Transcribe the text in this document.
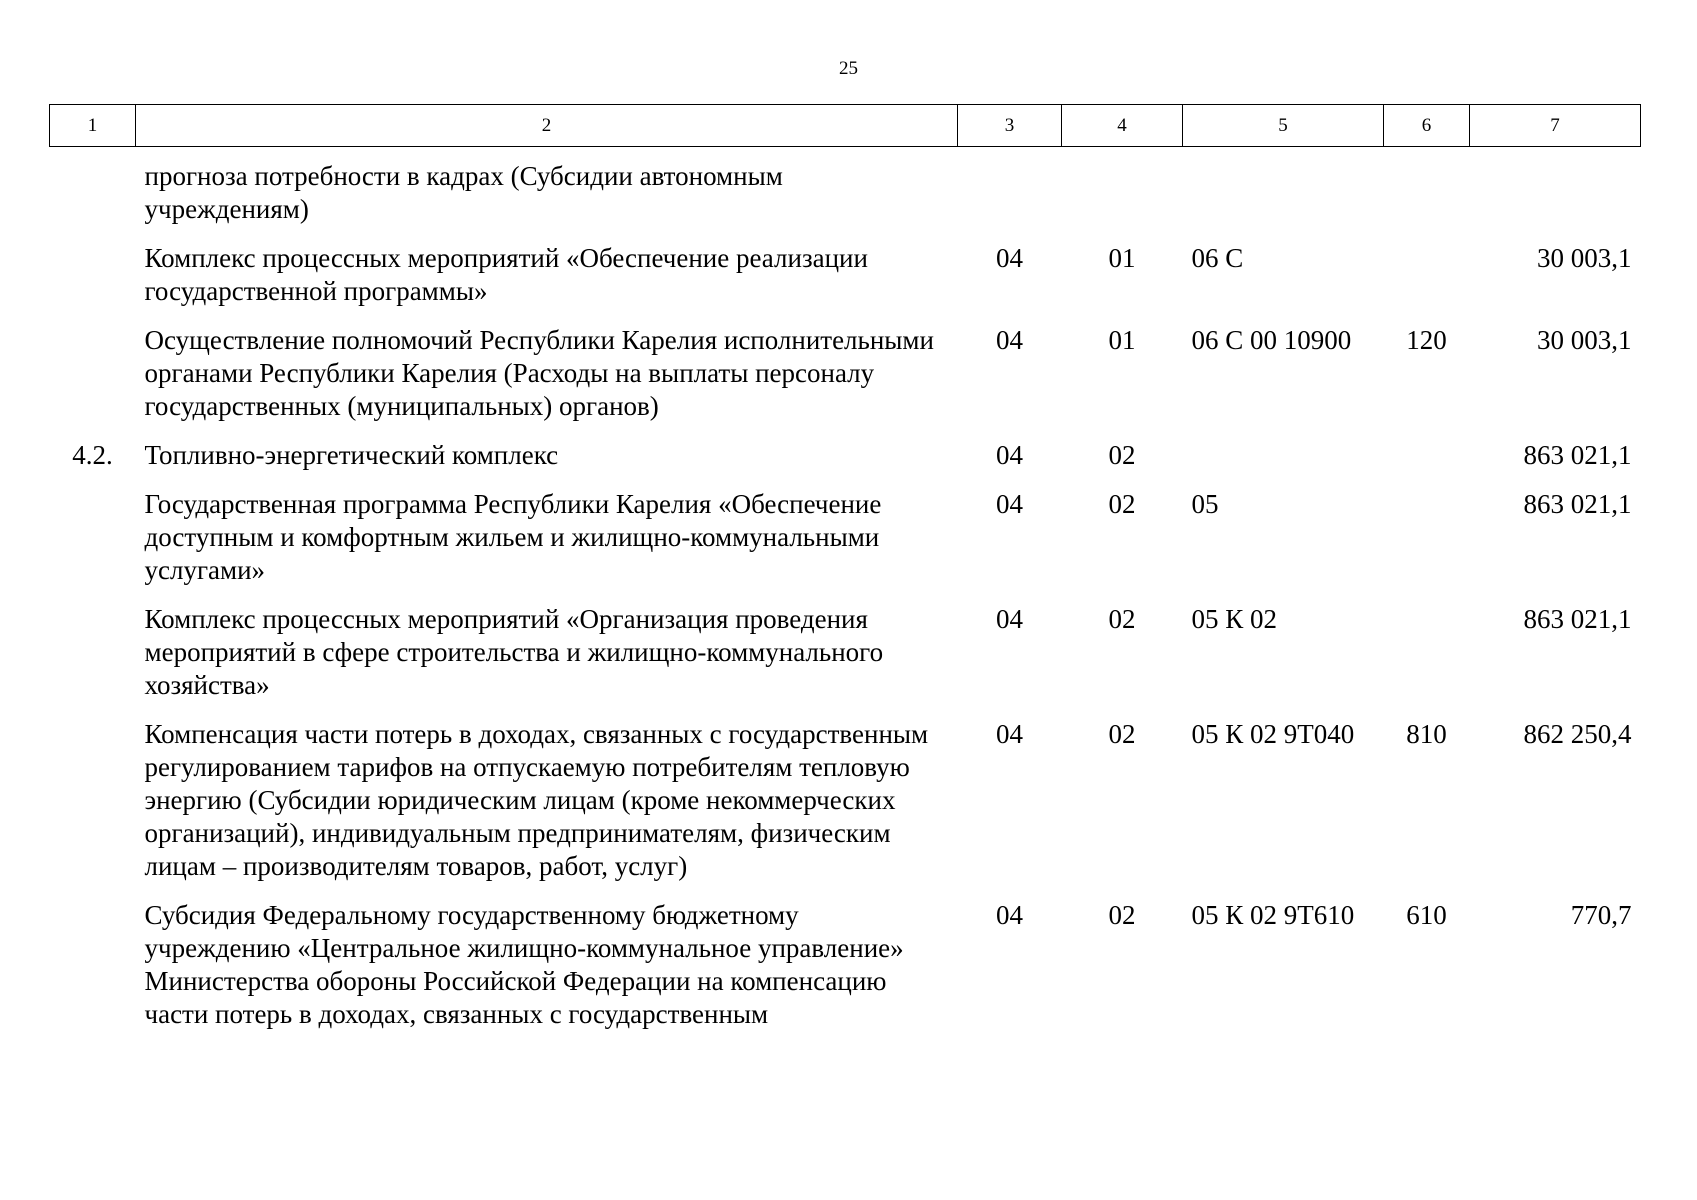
25
1	2	3	4	5	6	7
	прогноза потребности в кадрах (Субсидии автономным учреждениям)					
	Комплекс процессных мероприятий «Обеспечение реализации государственной программы»	04	01	06 С		30 003,1
	Осуществление полномочий Республики Карелия исполнительными органами Республики Карелия (Расходы на выплаты персоналу государственных (муниципальных) органов)	04	01	06 С 00 10900	120	30 003,1
4.2.	Топливно-энергетический комплекс	04	02			863 021,1
	Государственная программа Республики Карелия «Обеспечение доступным и комфортным жильем и жилищно-коммунальными услугами»	04	02	05		863 021,1
	Комплекс процессных мероприятий «Организация проведения мероприятий в сфере строительства и жилищно-коммунального хозяйства»	04	02	05 К 02		863 021,1
	Компенсация части потерь в доходах, связанных с государственным регулированием тарифов на отпускаемую потребителям тепловую энергию (Субсидии юридическим лицам (кроме некоммерческих организаций), индивидуальным предпринимателям, физическим лицам – производителям товаров, работ, услуг)	04	02	05 К 02 9Т040	810	862 250,4
	Субсидия Федеральному государственному бюджетному учреждению «Центральное жилищно-коммунальное управление» Министерства обороны Российской Федерации на компенсацию части потерь в доходах, связанных с государственным	04	02	05 К 02 9Т610	610	770,7
